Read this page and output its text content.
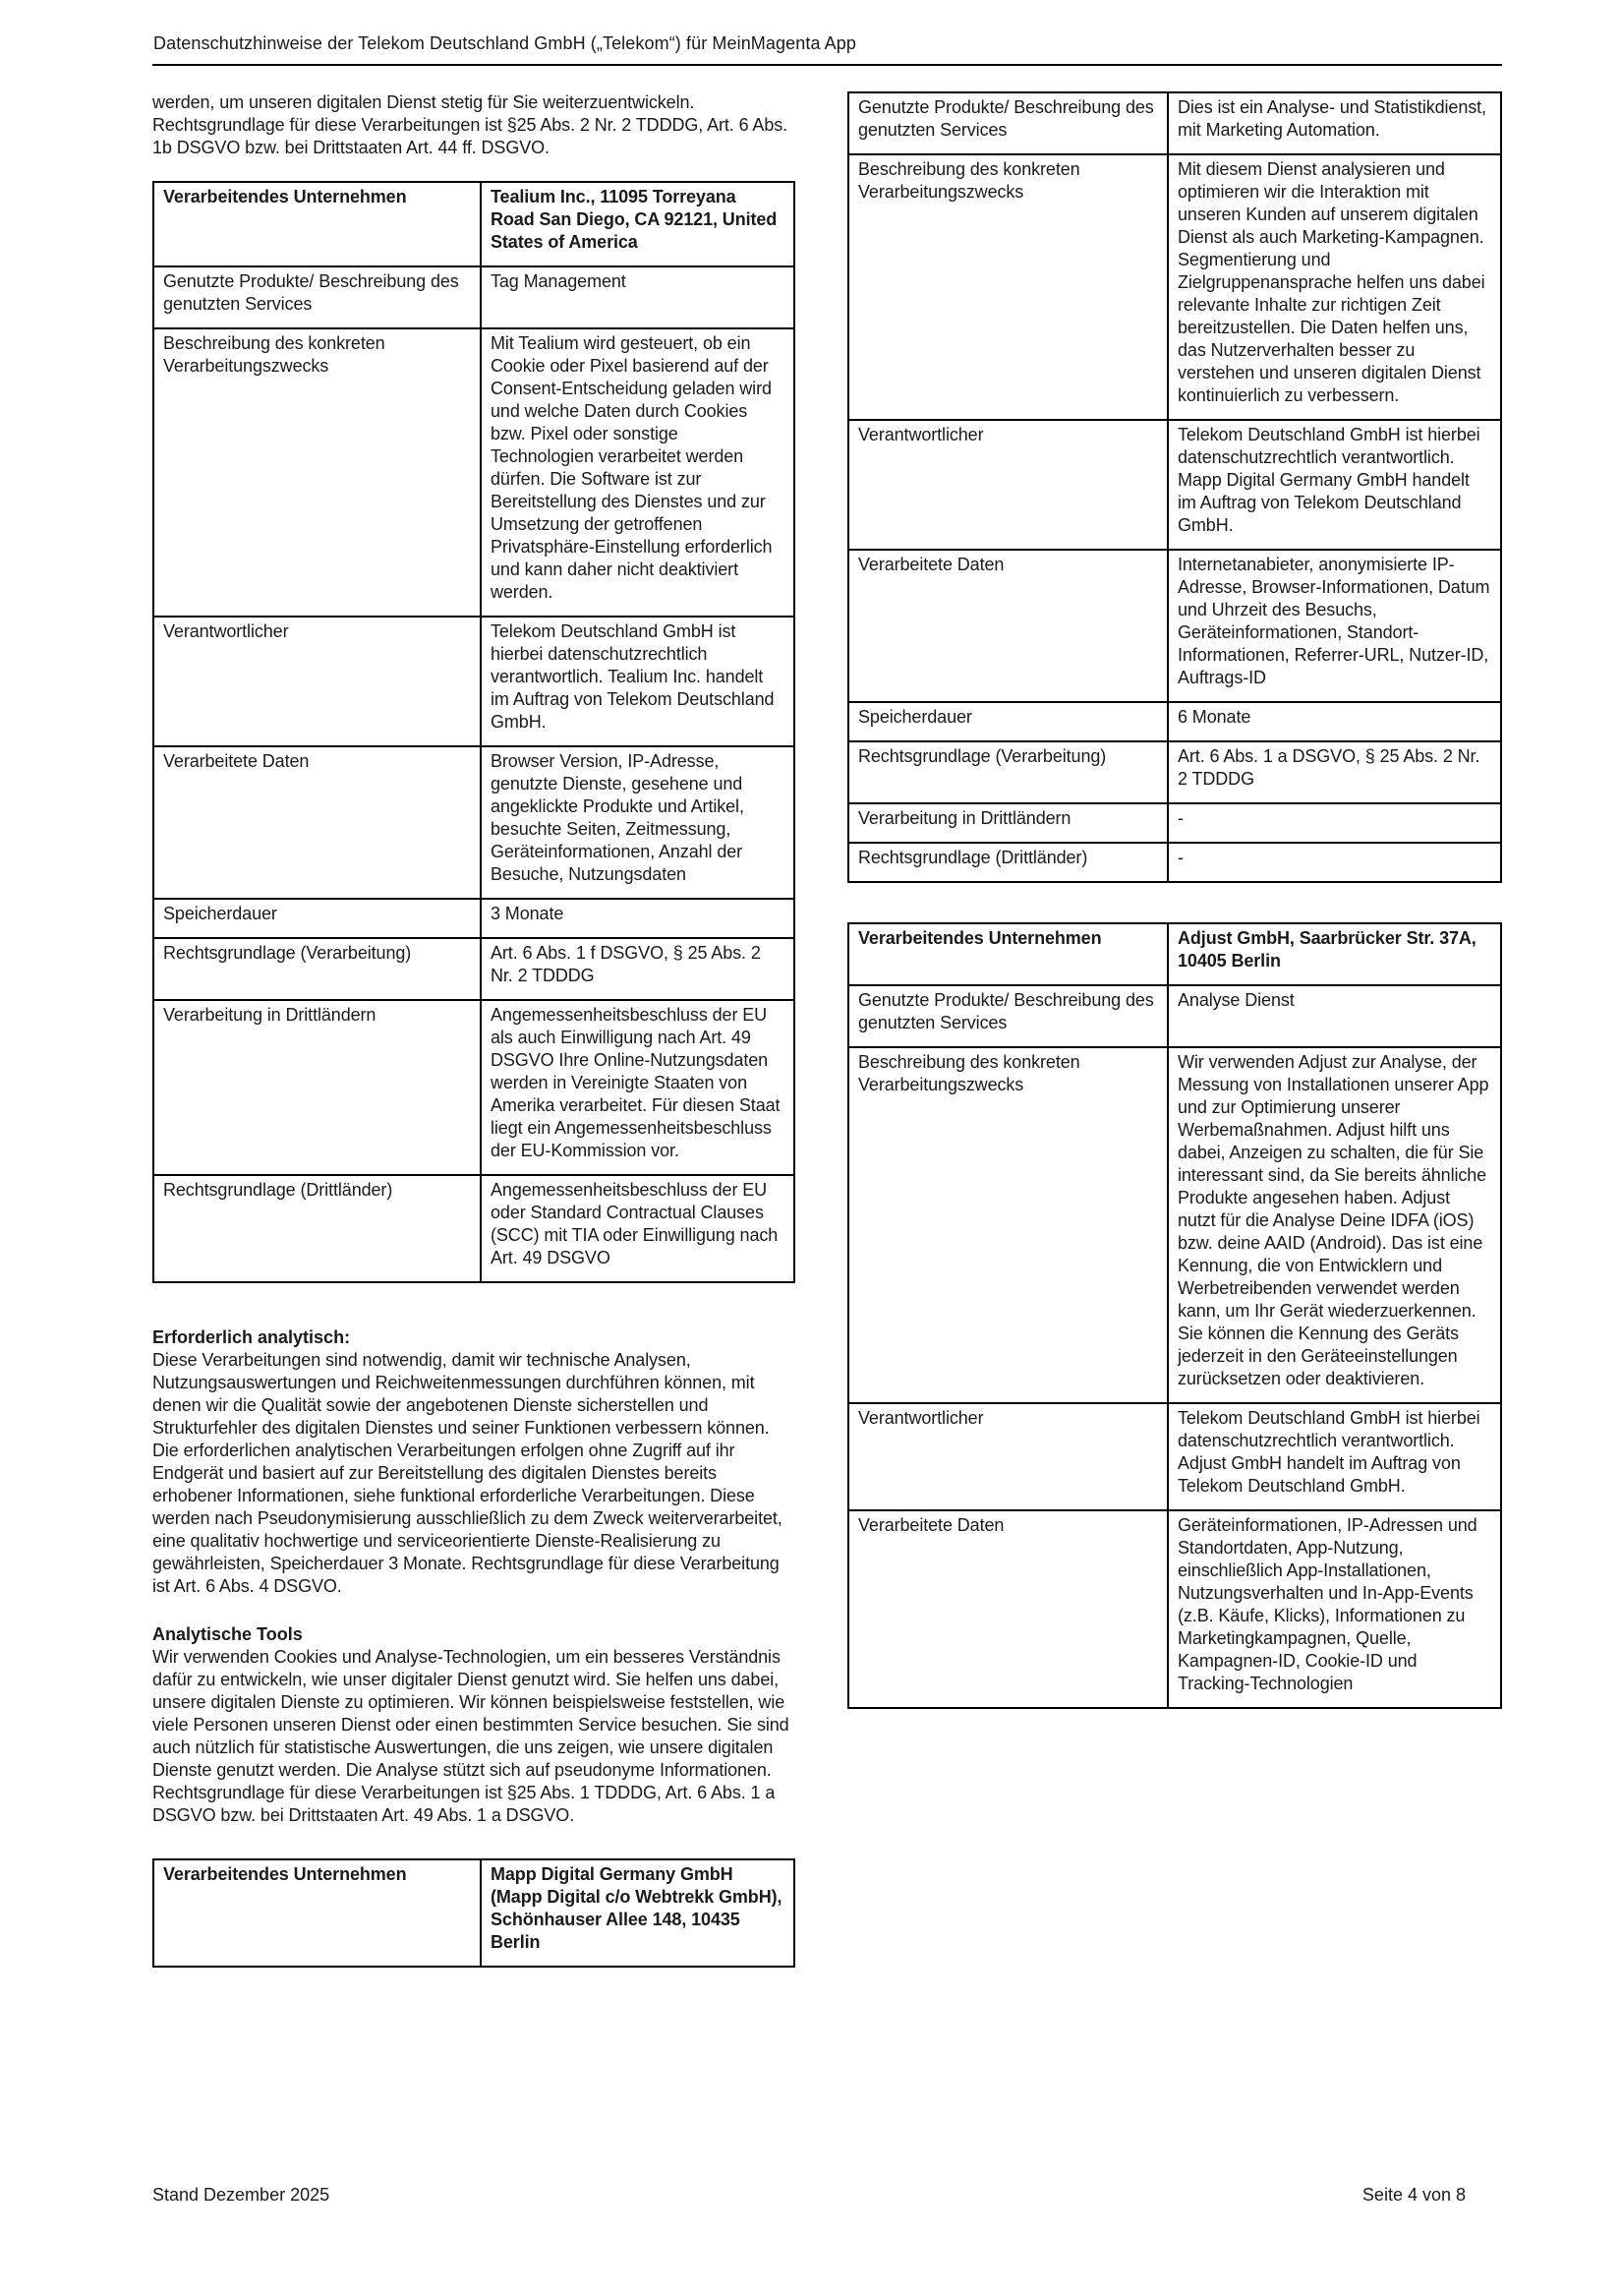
Datenschutzhinweise der Telekom Deutschland GmbH („Telekom“) für MeinMagenta App

werden, um unseren digitalen Dienst stetig für Sie weiterzuentwickeln. Rechtsgrundlage für diese Verarbeitungen ist §25 Abs. 2 Nr. 2 TDDDG, Art. 6 Abs. 1b DSGVO bzw. bei Drittstaaten Art. 44 ff. DSGVO.

Verarbeitendes Unternehmen	Tealium Inc., 11095 Torreyana Road San Diego, CA 92121, United States of America
Genutzte Produkte/ Beschreibung des genutzten Services	Tag Management
Beschreibung des konkreten Verarbeitungszwecks	Mit Tealium wird gesteuert, ob ein Cookie oder Pixel basierend auf der Consent-Entscheidung geladen wird und welche Daten durch Cookies bzw. Pixel oder sonstige Technologien verarbeitet werden dürfen. Die Software ist zur Bereitstellung des Dienstes und zur Umsetzung der getroffenen Privatsphäre-Einstellung erforderlich und kann daher nicht deaktiviert werden.
Verantwortlicher	Telekom Deutschland GmbH ist hierbei datenschutzrechtlich verantwortlich. Tealium Inc. handelt im Auftrag von Telekom Deutschland GmbH.
Verarbeitete Daten	Browser Version, IP-Adresse, genutzte Dienste, gesehene und angeklickte Produkte und Artikel, besuchte Seiten, Zeitmessung, Geräteinformationen, Anzahl der Besuche, Nutzungsdaten
Speicherdauer	3 Monate
Rechtsgrundlage (Verarbeitung)	Art. 6 Abs. 1 f DSGVO, § 25 Abs. 2 Nr. 2 TDDDG
Verarbeitung in Drittländern	Angemessenheitsbeschluss der EU als auch Einwilligung nach Art. 49 DSGVO Ihre Online-Nutzungsdaten werden in Vereinigte Staaten von Amerika verarbeitet. Für diesen Staat liegt ein Angemessenheitsbeschluss der EU-Kommission vor.
Rechtsgrundlage (Drittländer)	Angemessenheitsbeschluss der EU oder Standard Contractual Clauses (SCC) mit TIA oder Einwilligung nach Art. 49 DSGVO
Erforderlich analytisch:

Diese Verarbeitungen sind notwendig, damit wir technische Analysen, Nutzungsauswertungen und Reichweitenmessungen durchführen können, mit denen wir die Qualität sowie der angebotenen Dienste sicherstellen und Strukturfehler des digitalen Dienstes und seiner Funktionen verbessern können. Die erforderlichen analytischen Verarbeitungen erfolgen ohne Zugriff auf ihr Endgerät und basiert auf zur Bereitstellung des digitalen Dienstes bereits erhobener Informationen, siehe funktional erforderliche Verarbeitungen. Diese werden nach Pseudonymisierung ausschließlich zu dem Zweck weiterverarbeitet, eine qualitativ hochwertige und serviceorientierte Dienste-Realisierung zu gewährleisten, Speicherdauer 3 Monate. Rechtsgrundlage für diese Verarbeitung ist Art. 6 Abs. 4 DSGVO.

Analytische Tools

Wir verwenden Cookies und Analyse-Technologien, um ein besseres Verständnis dafür zu entwickeln, wie unser digitaler Dienst genutzt wird. Sie helfen uns dabei, unsere digitalen Dienste zu optimieren. Wir können beispielsweise feststellen, wie viele Personen unseren Dienst oder einen bestimmten Service besuchen. Sie sind auch nützlich für statistische Auswertungen, die uns zeigen, wie unsere digitalen Dienste genutzt werden. Die Analyse stützt sich auf pseudonyme Informationen. Rechtsgrundlage für diese Verarbeitungen ist §25 Abs. 1 TDDDG, Art. 6 Abs. 1 a DSGVO bzw. bei Drittstaaten Art. 49 Abs. 1 a DSGVO.

Verarbeitendes Unternehmen	Mapp Digital Germany GmbH (Mapp Digital c/o Webtrekk GmbH), Schönhauser Allee 148, 10435 Berlin
Genutzte Produkte/ Beschreibung des genutzten Services	Dies ist ein Analyse- und Statistikdienst, mit Marketing Automation.
Beschreibung des konkreten Verarbeitungszwecks	Mit diesem Dienst analysieren und optimieren wir die Interaktion mit unseren Kunden auf unserem digitalen Dienst als auch Marketing-Kampagnen. Segmentierung und Zielgruppenansprache helfen uns dabei relevante Inhalte zur richtigen Zeit bereitzustellen. Die Daten helfen uns, das Nutzerverhalten besser zu verstehen und unseren digitalen Dienst kontinuierlich zu verbessern.
Verantwortlicher	Telekom Deutschland GmbH ist hierbei datenschutzrechtlich verantwortlich. Mapp Digital Germany GmbH handelt im Auftrag von Telekom Deutschland GmbH.
Verarbeitete Daten	Internetanabieter, anonymisierte IP-Adresse, Browser-Informationen, Datum und Uhrzeit des Besuchs, Geräteinformationen, Standort-Informationen, Referrer-URL, Nutzer-ID, Auftrags-ID
Speicherdauer	6 Monate
Rechtsgrundlage (Verarbeitung)	Art. 6 Abs. 1 a DSGVO, § 25 Abs. 2 Nr. 2 TDDDG
Verarbeitung in Drittländern	-
Rechtsgrundlage (Drittländer)	-
Verarbeitendes Unternehmen	Adjust GmbH, Saarbrücker Str. 37A, 10405 Berlin
Genutzte Produkte/ Beschreibung des genutzten Services	Analyse Dienst
Beschreibung des konkreten Verarbeitungszwecks	Wir verwenden Adjust zur Analyse, der Messung von Installationen unserer App und zur Optimierung unserer Werbemaßnahmen. Adjust hilft uns dabei, Anzeigen zu schalten, die für Sie interessant sind, da Sie bereits ähnliche Produkte angesehen haben. Adjust nutzt für die Analyse Deine IDFA (iOS) bzw. deine AAID (Android). Das ist eine Kennung, die von Entwicklern und Werbetreibenden verwendet werden kann, um Ihr Gerät wiederzuerkennen. Sie können die Kennung des Geräts jederzeit in den Geräteeinstellungen zurücksetzen oder deaktivieren.
Verantwortlicher	Telekom Deutschland GmbH ist hierbei datenschutzrechtlich verantwortlich. Adjust GmbH handelt im Auftrag von Telekom Deutschland GmbH.
Verarbeitete Daten	Geräteinformationen, IP-Adressen und Standortdaten, App-Nutzung, einschließlich App-Installationen, Nutzungsverhalten und In-App-Events (z.B. Käufe, Klicks), Informationen zu Marketingkampagnen, Quelle, Kampagnen-ID, Cookie-ID und Tracking-Technologien
Stand Dezember 2025	Seite 4 von 8
